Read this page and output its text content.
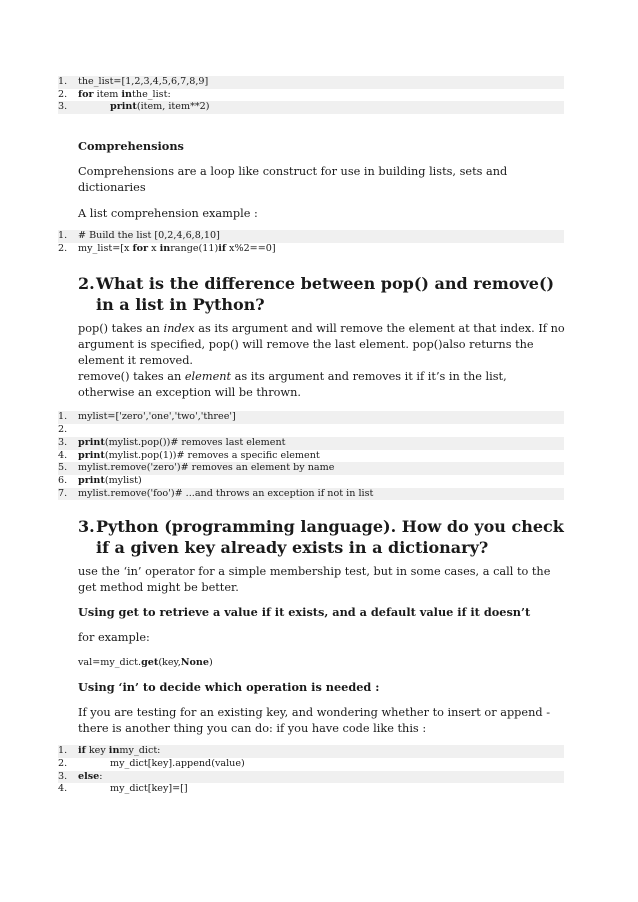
1.	the_list=[1,2,3,4,5,6,7,8,9]
2.	for item inthe_list:
3.	print(item, item**2)

Comprehensions

Comprehensions are a loop like construct for use in building lists, sets and dictionaries

A list comprehension example :

1.	# Build the list [0,2,4,6,8,10]
2.	my_list=[x for x inrange(11)if x%2==0]
2. What is the difference between pop() and remove() in a list in Python?

pop() takes an index as its argument and will remove the element at that index. If no argument is specified, pop() will remove the last element. pop()also returns the element it removed.

remove() takes an element as its argument and removes it if it’s in the list, otherwise an exception will be thrown.

1.	mylist=['zero','one','two','three']
2.
3.	print(mylist.pop())# removes last element
4.	print(mylist.pop(1))# removes a specific element
5.	mylist.remove('zero')# removes an element by name
6.	print(mylist)
7.	mylist.remove('foo')# ...and throws an exception if not in list
3. Python (programming language). How do you check if a given key already exists in a dictionary?

use the ‘in’ operator for a simple membership test, but in some cases, a call to the get method might be better.

Using get to retrieve a value if it exists, and a default value if it doesn’t

for example:

val=my_dict.get(key,None)

Using ‘in’ to decide which operation is needed :

If you are testing for an existing key, and wondering whether to insert or append - there is another thing you can do: if you have code like this :

1.	if key inmy_dict:
2.	my_dict[key].append(value)
3.	else:
4.	my_dict[key]=[]
